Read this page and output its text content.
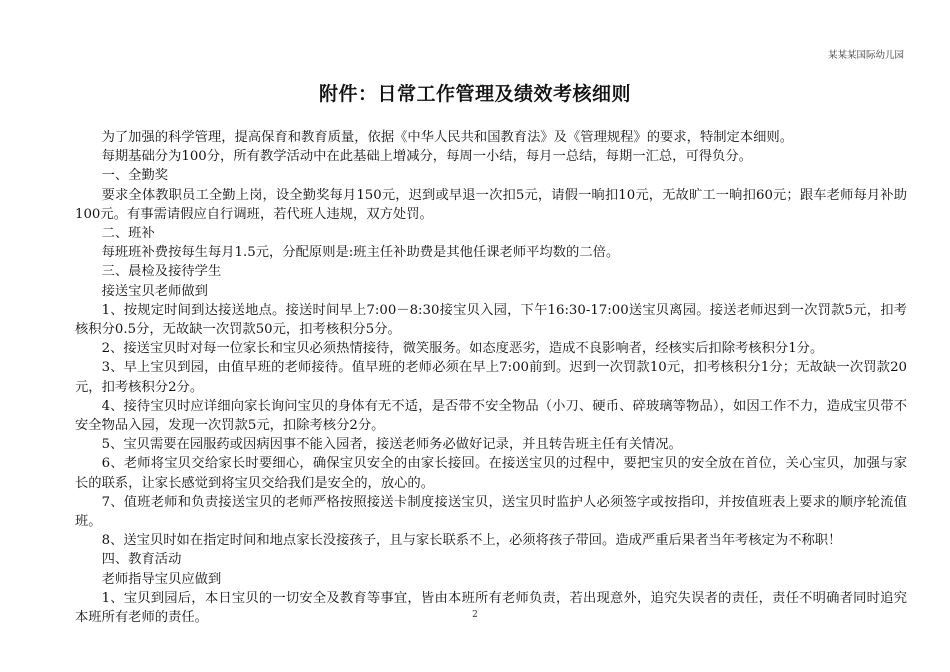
某某某国际幼儿园
附件：日常工作管理及绩效考核细则

为了加强的科学管理，提高保育和教育质量，依据《中华人民共和国教育法》及《管理规程》的要求，特制定本细则。

每期基础分为100分，所有教学活动中在此基础上增减分，每周一小结，每月一总结，每期一汇总，可得负分。

一、全勤奖

要求全体教职员工全勤上岗，设全勤奖每月150元，迟到或早退一次扣5元，请假一晌扣10元，无故旷工一晌扣60元；跟车老师每月补助100元。有事需请假应自行调班，若代班人违规，双方处罚。

二、班补

每班班补费按每生每月1.5元，分配原则是:班主任补助费是其他任课老师平均数的二倍。

三、晨检及接待学生

接送宝贝老师做到

1、按规定时间到达接送地点。接送时间早上7:00－8:30接宝贝入园，下午16:30-17:00送宝贝离园。接送老师迟到一次罚款5元，扣考核积分0.5分，无故缺一次罚款50元，扣考核积分5分。

2、接送宝贝时对每一位家长和宝贝必须热情接待，微笑服务。如态度恶劣，造成不良影响者，经核实后扣除考核积分1分。

3、早上宝贝到园，由值早班的老师接待。值早班的老师必须在早上7:00前到。迟到一次罚款10元，扣考核积分1分；无故缺一次罚款20元，扣考核积分2分。

4、接待宝贝时应详细向家长询问宝贝的身体有无不适，是否带不安全物品（小刀、硬币、碎玻璃等物品），如因工作不力，造成宝贝带不安全物品入园，发现一次罚款5元，扣除考核分2分。

5、宝贝需要在园服药或因病因事不能入园者，接送老师务必做好记录，并且转告班主任有关情况。

6、老师将宝贝交给家长时要细心，确保宝贝安全的由家长接回。在接送宝贝的过程中，要把宝贝的安全放在首位，关心宝贝，加强与家长的联系，让家长感觉到将宝贝交给我们是安全的，放心的。

7、值班老师和负责接送宝贝的老师严格按照接送卡制度接送宝贝，送宝贝时监护人必须签字或按指印，并按值班表上要求的顺序轮流值班。

8、送宝贝时如在指定时间和地点家长没接孩子，且与家长联系不上，必须将孩子带回。造成严重后果者当年考核定为不称职！

四、教育活动

老师指导宝贝应做到

1、宝贝到园后，本日宝贝的一切安全及教育等事宜，皆由本班所有老师负责，若出现意外，追究失误者的责任，责任不明确者同时追究本班所有老师的责任。	2
